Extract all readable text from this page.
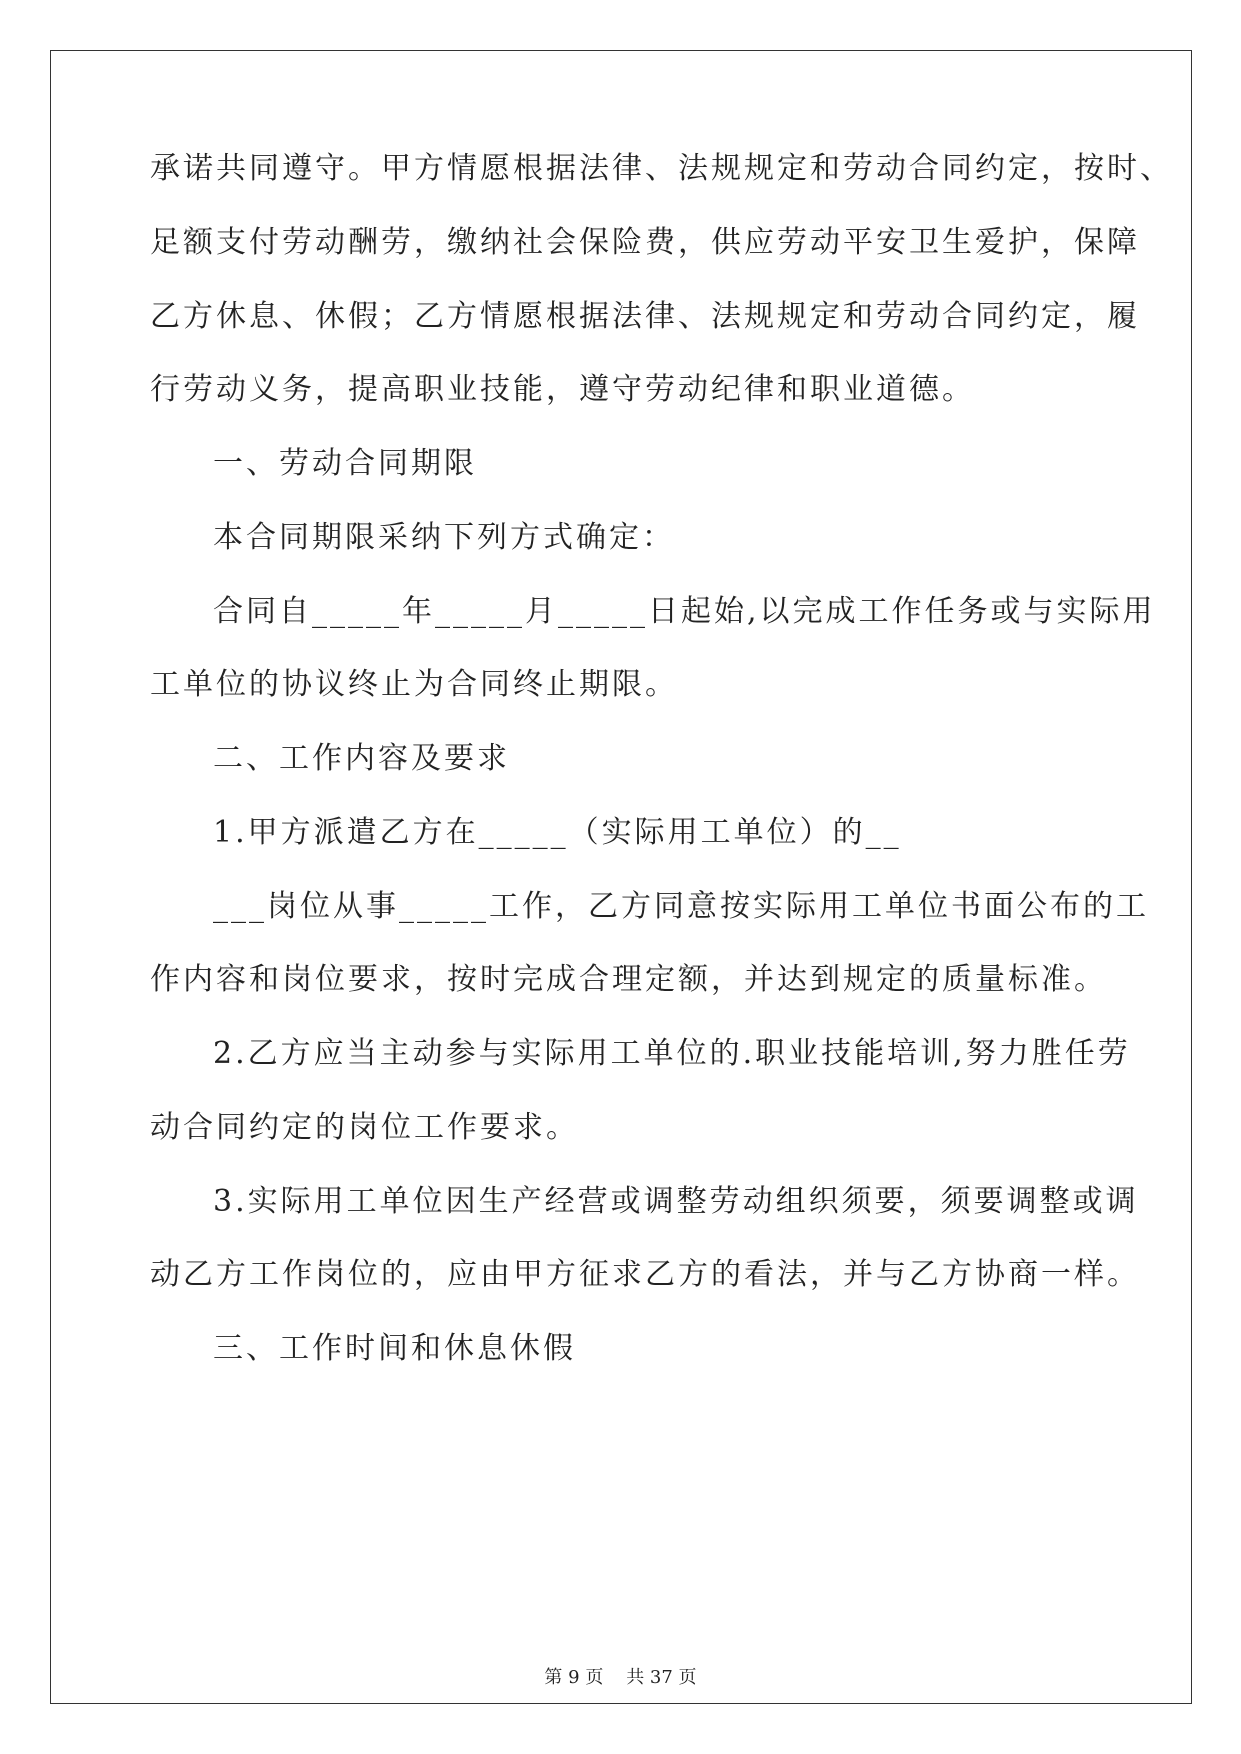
承诺共同遵守。甲方情愿根据法律、法规规定和劳动合同约定，按时、
足额支付劳动酬劳，缴纳社会保险费，供应劳动平安卫生爱护，保障
乙方休息、休假；乙方情愿根据法律、法规规定和劳动合同约定，履
行劳动义务，提高职业技能，遵守劳动纪律和职业道德。
一、劳动合同期限
本合同期限采纳下列方式确定：
合同自_____年_____月_____日起始,以完成工作任务或与实际用
工单位的协议终止为合同终止期限。
二、工作内容及要求
1.甲方派遣乙方在_____（实际用工单位）的__
___岗位从事_____工作，乙方同意按实际用工单位书面公布的工
作内容和岗位要求，按时完成合理定额，并达到规定的质量标准。
2.乙方应当主动参与实际用工单位的.职业技能培训,努力胜任劳
动合同约定的岗位工作要求。
3.实际用工单位因生产经营或调整劳动组织须要，须要调整或调
动乙方工作岗位的，应由甲方征求乙方的看法，并与乙方协商一样。
三、工作时间和休息休假
第 9 页    共 37 页
